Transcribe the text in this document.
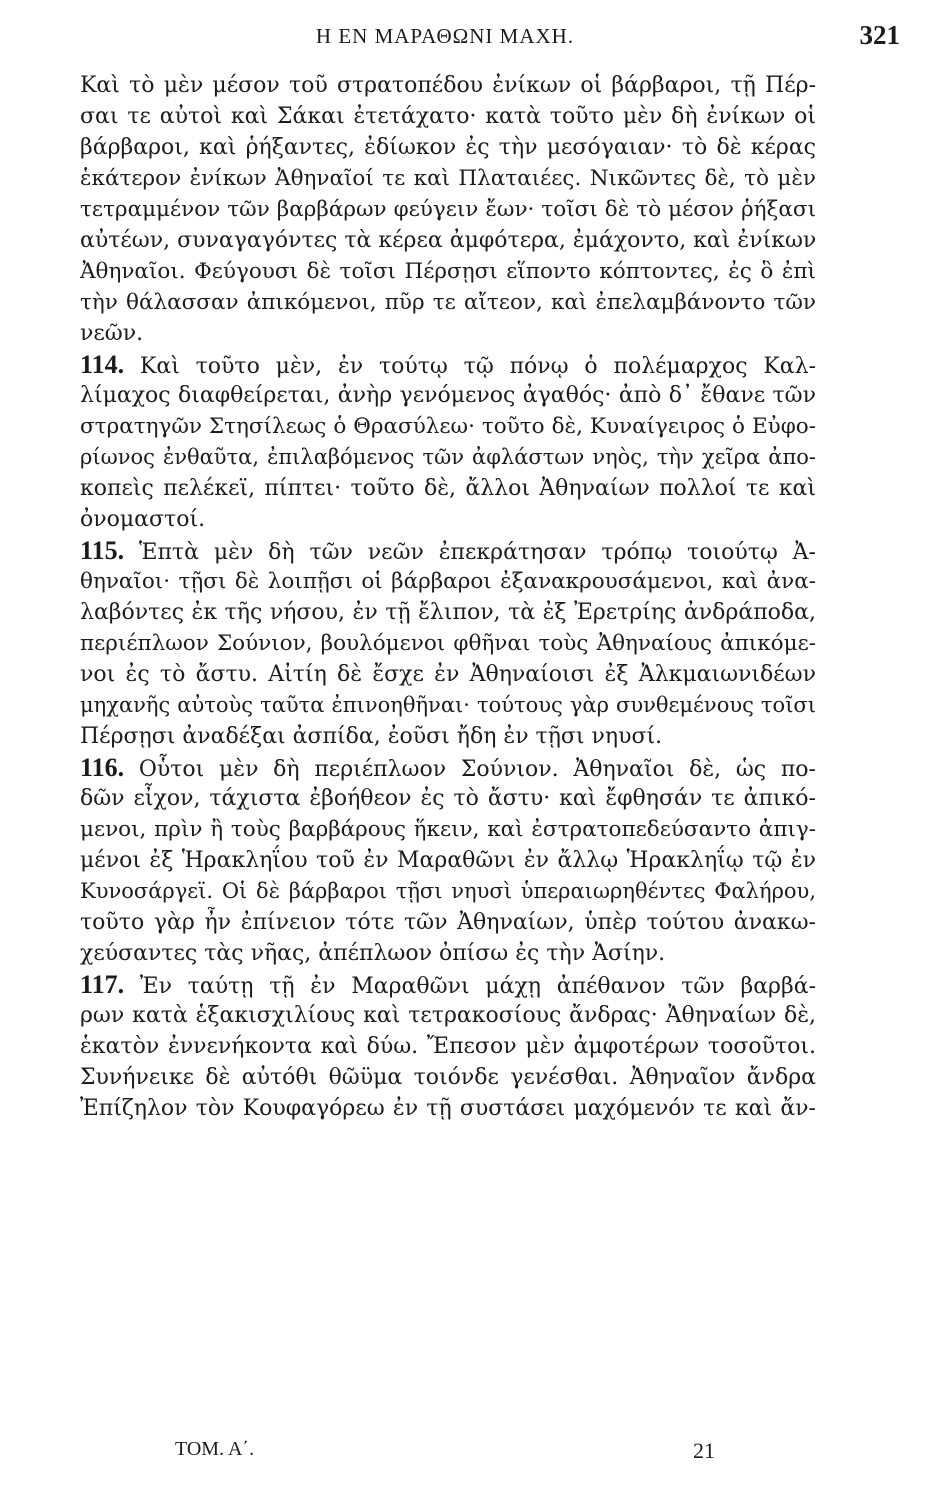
Η ΕΝ ΜΑΡΑΘΩΝΙ ΜΑΧΗ.	321
Καὶ τὸ μὲν μέσον τοῦ στρατοπέδου ἐνίκων οἱ βάρβαροι, τῇ Πέρ-
σαι τε αὐτοὶ καὶ Σάκαι ἐτετάχατο· κατὰ τοῦτο μὲν δὴ ἐνίκων οἱ
βάρβαροι, καὶ ῥήξαντες, ἐδίωκον ἐς τὴν μεσόγαιαν· τὸ δὲ κέρας
ἑκάτερον ἐνίκων Ἀθηναῖοί τε καὶ Πλαταιέες. Νικῶντες δὲ, τὸ μὲν
τετραμμένον τῶν βαρβάρων φεύγειν ἔων· τοῖσι δὲ τὸ μέσον ῥήξασι
αὐτέων, συναγαγόντες τὰ κέρεα ἀμφότερα, ἐμάχοντο, καὶ ἐνίκων
Ἀθηναῖοι. Φεύγουσι δὲ τοῖσι Πέρσῃσι εἵποντο κόπτοντες, ἐς ὃ ἐπὶ
τὴν θάλασσαν ἀπικόμενοι, πῦρ τε αἴτεον, καὶ ἐπελαμβάνοντο τῶν
νεῶν.
114. Καὶ τοῦτο μὲν, ἐν τούτῳ τῷ πόνῳ ὁ πολέμαρχος Καλ-
λίμαχος διαφθείρεται, ἀνὴρ γενόμενος ἀγαθός· ἀπὸ δ᾽ ἔθανε τῶν
στρατηγῶν Στησίλεως ὁ Θρασύλεω· τοῦτο δὲ, Κυναίγειρος ὁ Εὐφο-
ρίωνος ἐνθαῦτα, ἐπιλαβόμενος τῶν ἀφλάστων νηὸς, τὴν χεῖρα ἀπο-
κοπεὶς πελέκεϊ, πίπτει· τοῦτο δὲ, ἄλλοι Ἀθηναίων πολλοί τε καὶ
ὀνομαστοί.
115. Ἑπτὰ μὲν δὴ τῶν νεῶν ἐπεκράτησαν τρόπῳ τοιούτῳ Ἀ-
θηναῖοι· τῇσι δὲ λοιπῇσι οἱ βάρβαροι ἐξανακρουσάμενοι, καὶ ἀνα-
λαβόντες ἐκ τῆς νήσου, ἐν τῇ ἔλιπον, τὰ ἐξ Ἐρετρίης ἀνδράποδα,
περιέπλωον Σούνιον, βουλόμενοι φθῆναι τοὺς Ἀθηναίους ἀπικόμε-
νοι ἐς τὸ ἄστυ. Αἰτίη δὲ ἔσχε ἐν Ἀθηναίοισι ἐξ Ἀλκμαιωνιδέων
μηχανῆς αὐτοὺς ταῦτα ἐπινοηθῆναι· τούτους γὰρ συνθεμένους τοῖσι
Πέρσῃσι ἀναδέξαι ἀσπίδα, ἐοῦσι ἤδη ἐν τῇσι νηυσί.
116. Οὗτοι μὲν δὴ περιέπλωον Σούνιον. Ἀθηναῖοι δὲ, ὡς πο-
δῶν εἶχον, τάχιστα ἐβοήθεον ἐς τὸ ἄστυ· καὶ ἔφθησάν τε ἀπικό-
μενοι, πρὶν ἢ τοὺς βαρβάρους ἥκειν, καὶ ἐστρατοπεδεύσαντο ἀπιγ-
μένοι ἐξ Ἡρακληΐου τοῦ ἐν Μαραθῶνι ἐν ἄλλῳ Ἡρακληΐῳ τῷ ἐν
Κυνοσάργεϊ. Οἱ δὲ βάρβαροι τῇσι νηυσὶ ὑπεραιωρηθέντες Φαλήρου,
τοῦτο γὰρ ἦν ἐπίνειον τότε τῶν Ἀθηναίων, ὑπὲρ τούτου ἀνακω-
χεύσαντες τὰς νῆας, ἀπέπλωον ὀπίσω ἐς τὴν Ἀσίην.
117. Ἐν ταύτῃ τῇ ἐν Μαραθῶνι μάχῃ ἀπέθανον τῶν βαρβά-
ρων κατὰ ἑξακισχιλίους καὶ τετρακοσίους ἄνδρας· Ἀθηναίων δὲ,
ἑκατὸν ἐννενήκοντα καὶ δύω. Ἔπεσον μὲν ἀμφοτέρων τοσοῦτοι.
Συνήνεικε δὲ αὐτόθι θῶϋμα τοιόνδε γενέσθαι. Ἀθηναῖον ἄνδρα
Ἐπίζηλον τὸν Κουφαγόρεω ἐν τῇ συστάσει μαχόμενόν τε καὶ ἄν-
ΤΟΜ. Α΄.	21
